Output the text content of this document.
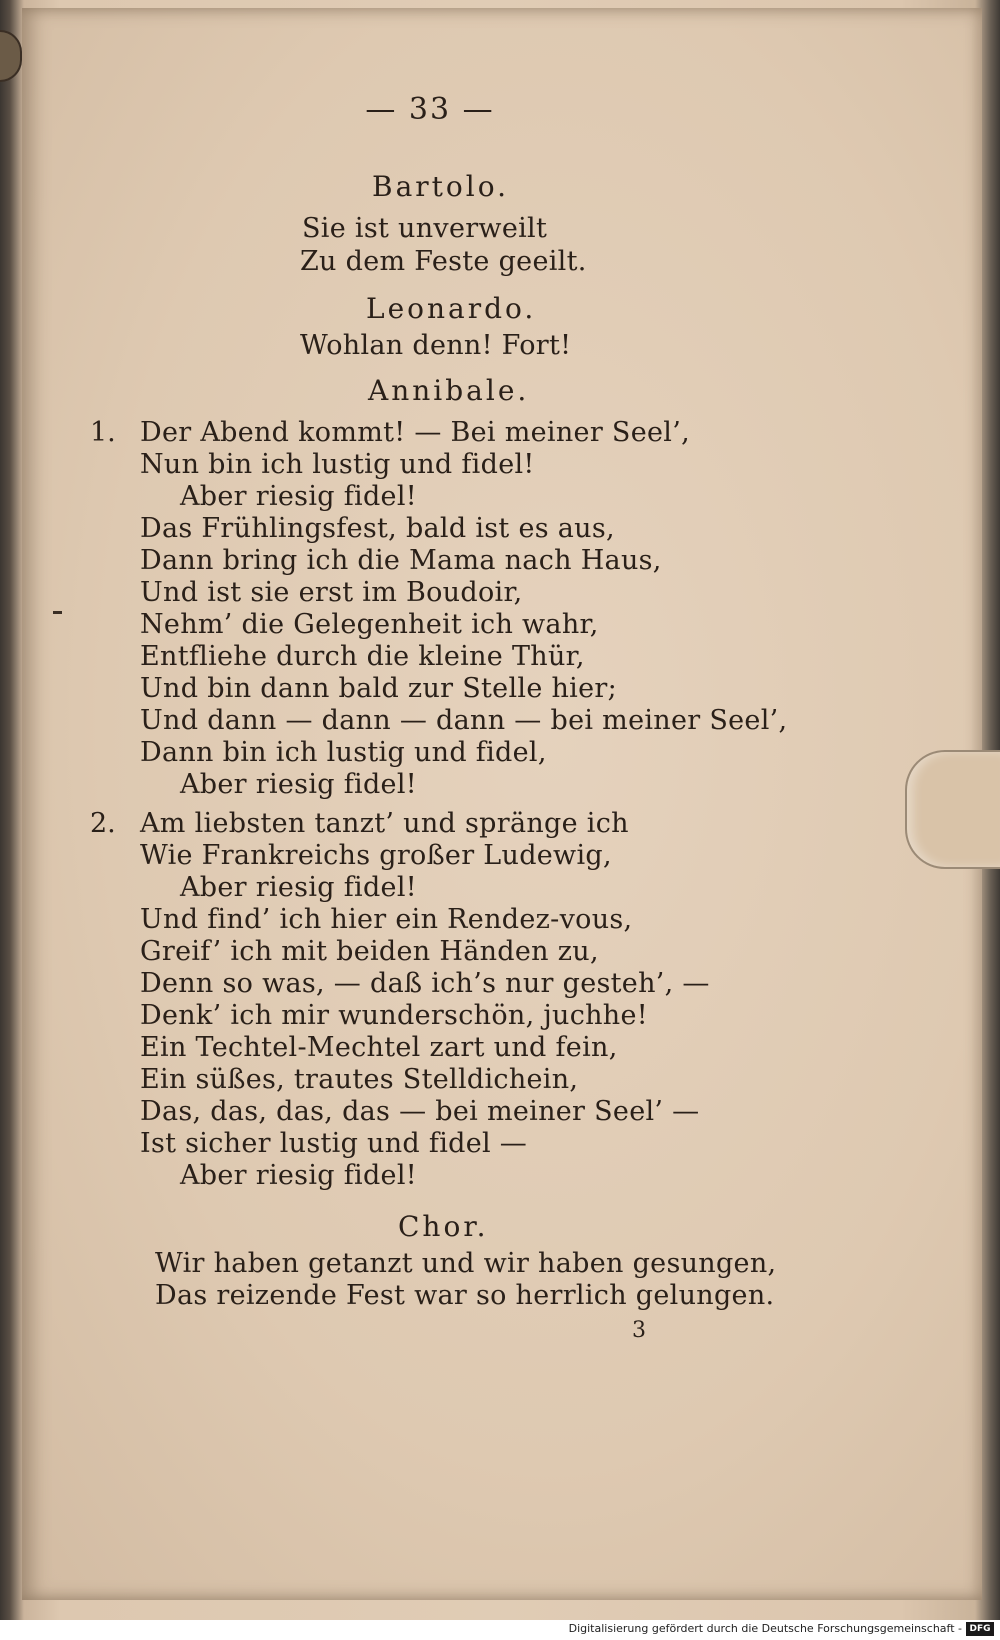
— 33 —
Bartolo.
Sie ist unverweilt
Zu dem Feste geeilt.
Leonardo.
Wohlan denn! Fort!
Annibale.
1. Der Abend kommt! — Bei meiner Seel’,
Nun bin ich lustig und fidel!
Aber riesig fidel!
Das Frühlingsfest, bald ist es aus,
Dann bring ich die Mama nach Haus,
Und ist sie erst im Boudoir,
Nehm’ die Gelegenheit ich wahr,
Entfliehe durch die kleine Thür,
Und bin dann bald zur Stelle hier;
Und dann — dann — dann — bei meiner Seel’,
Dann bin ich lustig und fidel,
Aber riesig fidel!
2. Am liebsten tanzt’ und spränge ich
Wie Frankreichs großer Ludewig,
Aber riesig fidel!
Und find’ ich hier ein Rendez-vous,
Greif’ ich mit beiden Händen zu,
Denn so was, — daß ich’s nur gesteh’, —
Denk’ ich mir wunderschön, juchhe!
Ein Techtel-Mechtel zart und fein,
Ein süßes, trautes Stelldichein,
Das, das, das, das — bei meiner Seel’ —
Ist sicher lustig und fidel —
Aber riesig fidel!
Chor.
Wir haben getanzt und wir haben gesungen,
Das reizende Fest war so herrlich gelungen.
3
Digitalisierung gefördert durch die Deutsche Forschungsgemeinschaft - DFG
